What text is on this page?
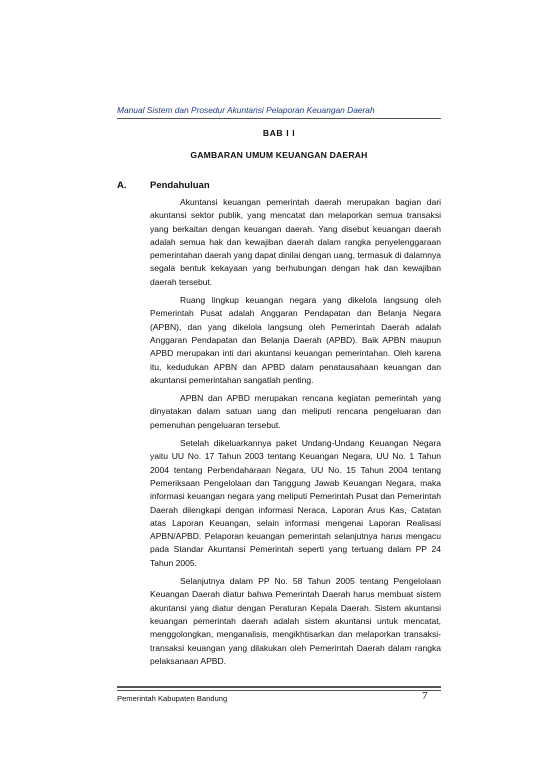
Manual Sistem dan Prosedur Akuntansi Pelaporan Keuangan Daerah
BAB I I
GAMBARAN UMUM KEUANGAN DAERAH
A. Pendahuluan

Akuntansi keuangan pemerintah daerah merupakan bagian dari akuntansi sektor publik, yang mencatat dan melaporkan semua transaksi yang berkaitan dengan keuangan daerah. Yang disebut keuangan daerah adalah semua hak dan kewajiban daerah dalam rangka penyelenggaraan pemerintahan daerah yang dapat dinilai dengan uang, termasuk di dalamnya segala bentuk kekayaan yang berhubungan dengan hak dan kewajiban daerah tersebut.

Ruang lingkup keuangan negara yang dikelola langsung oleh Pemerintah Pusat adalah Anggaran Pendapatan dan Belanja Negara (APBN), dan yang dikelola langsung oleh Pemerintah Daerah adalah Anggaran Pendapatan dan Belanja Daerah (APBD). Baik APBN maupun APBD merupakan inti dari akuntansi keuangan pemerintahan. Oleh karena itu, kedudukan APBN dan APBD dalam penatausahaan keuangan dan akuntansi pemerintahan sangatlah penting.

APBN dan APBD merupakan rencana kegiatan pemerintah yang dinyatakan dalam satuan uang dan meliputi rencana pengeluaran dan pemenuhan pengeluaran tersebut.

Setelah dikeluarkannya paket Undang-Undang Keuangan Negara yaitu UU No. 17 Tahun 2003 tentang Keuangan Negara, UU No. 1 Tahun 2004 tentang Perbendaharaan Negara, UU No. 15 Tahun 2004 tentang Pemeriksaan Pengelolaan dan Tanggung Jawab Keuangan Negara, maka informasi keuangan negara yang meliputi Pemerintah Pusat dan Pemerintah Daerah dilengkapi dengan informasi Neraca, Laporan Arus Kas, Catatan atas Laporan Keuangan, selain informasi mengenai Laporan Realisasi APBN/APBD. Pelaporan keuangan pemerintah selanjutnya harus mengacu pada Standar Akuntansi Pemerintah seperti yang tertuang dalam PP 24 Tahun 2005.

Selanjutnya dalam PP No. 58 Tahun 2005 tentang Pengelolaan Keuangan Daerah diatur bahwa Pemerintah Daerah harus membuat sistem akuntansi yang diatur dengan Peraturan Kepala Daerah. Sistem akuntansi keuangan pemerintah daerah adalah sistem akuntansi untuk mencatat, menggolongkan, menganalisis, mengikhtisarkan dan melaporkan transaksi-transaksi keuangan yang dilakukan oleh Pemerintah Daerah dalam rangka pelaksanaan APBD.

Pemerintah Kabupaten Bandung	7
